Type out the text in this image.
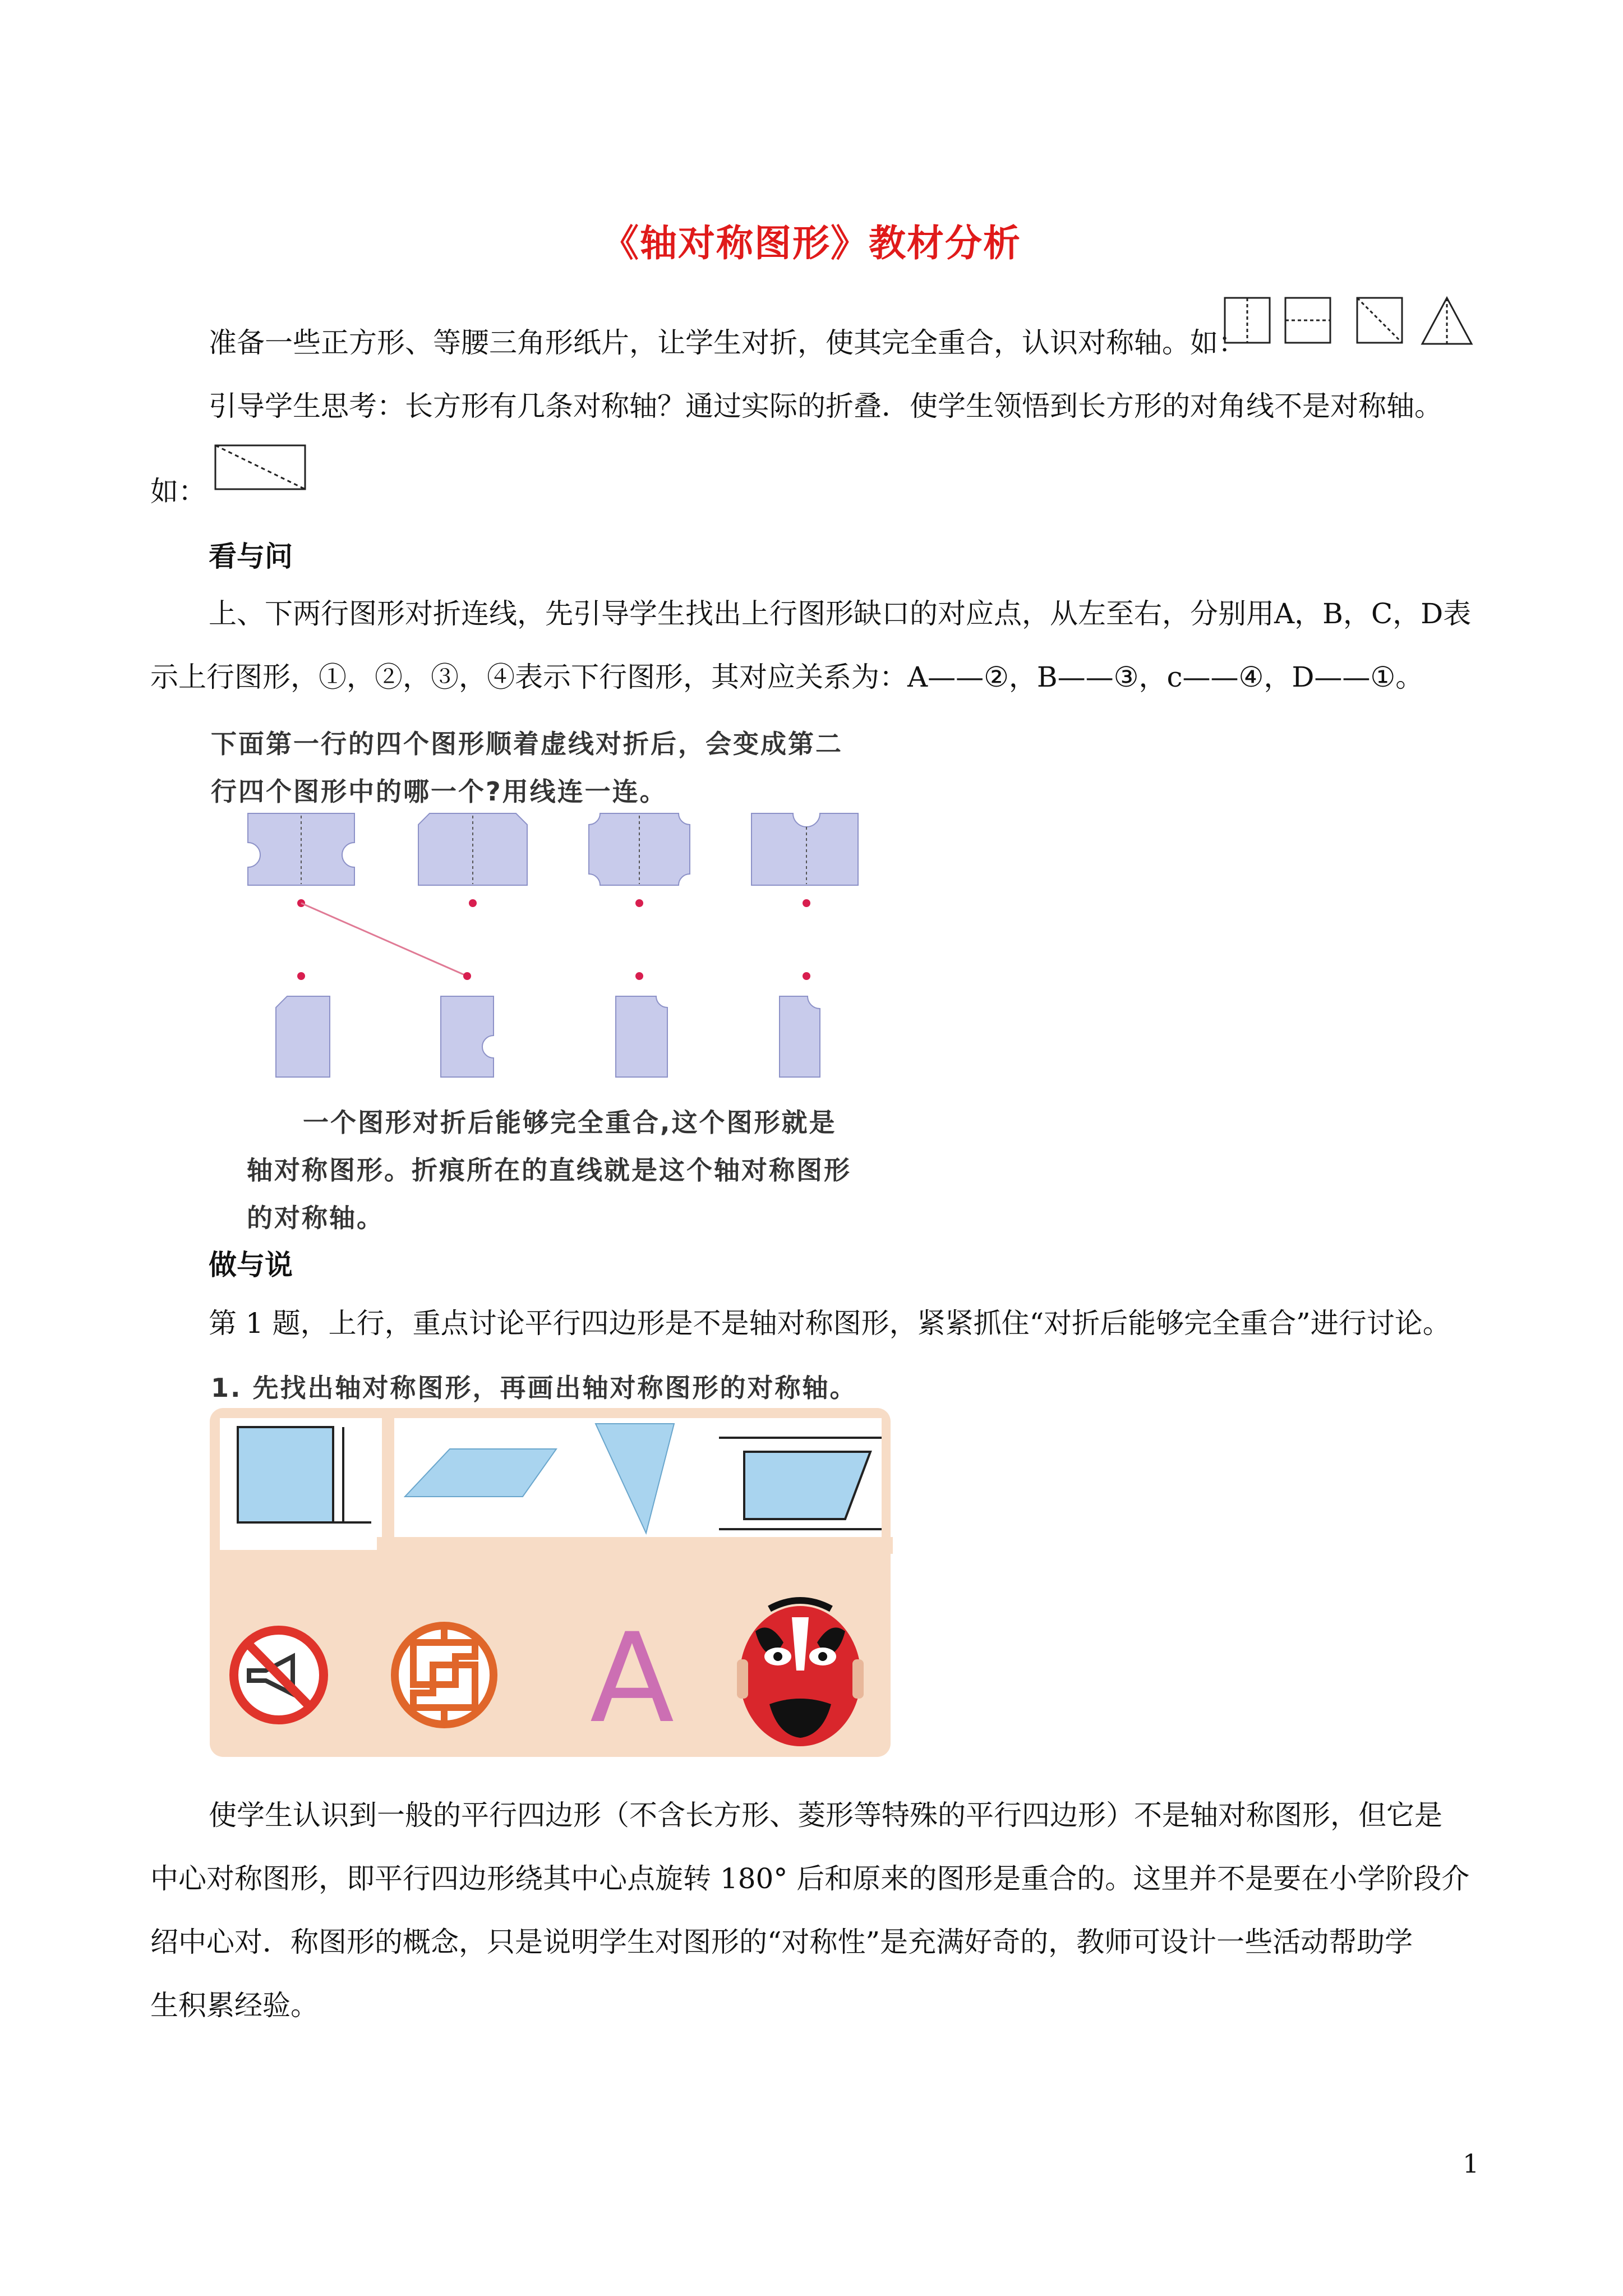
《轴对称图形》教材分析
准备一些正方形、等腰三角形纸片，让学生对折，使其完全重合，认识对称轴。如：
引导学生思考：长方形有几条对称轴？通过实际的折叠．使学生领悟到长方形的对角线不是对称轴。
如：
看与问
上、下两行图形对折连线，先引导学生找出上行图形缺口的对应点，从左至右，分别用A，B，C，D表
示上行图形，①，②，③，④表示下行图形，其对应关系为：A——②，B——③，c——④，D——①。
下面第一行的四个图形顺着虚线对折后，会变成第二
行四个图形中的哪一个?用线连一连。
一个图形对折后能够完全重合,这个图形就是
轴对称图形。折痕所在的直线就是这个轴对称图形
的对称轴。
做与说
第 1 题，上行，重点讨论平行四边形是不是轴对称图形，紧紧抓住“对折后能够完全重合”进行讨论。
1. 先找出轴对称图形，再画出轴对称图形的对称轴。
A
使学生认识到一般的平行四边形（不含长方形、菱形等特殊的平行四边形）不是轴对称图形，但它是
中心对称图形，即平行四边形绕其中心点旋转 180° 后和原来的图形是重合的。这里并不是要在小学阶段介
绍中心对．称图形的概念，只是说明学生对图形的“对称性”是充满好奇的，教师可设计一些活动帮助学
生积累经验。
1
